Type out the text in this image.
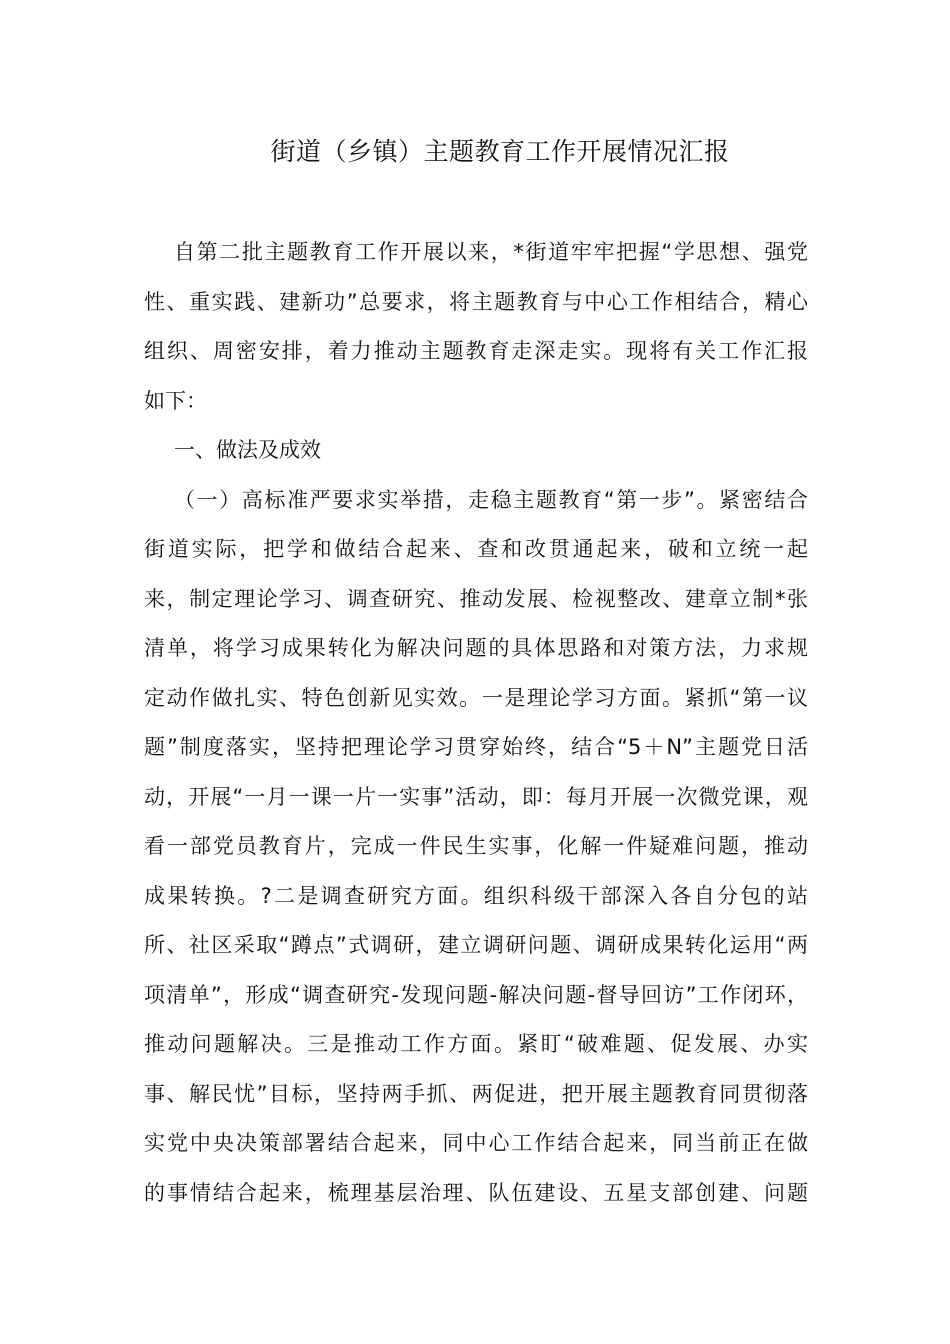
街道（乡镇）主题教育工作开展情况汇报
自第二批主题教育工作开展以来，*街道牢牢把握“学思想、强党
性、重实践、建新功”总要求，将主题教育与中心工作相结合，精心
组织、周密安排，着力推动主题教育走深走实。现将有关工作汇报
如下：
一、做法及成效
（一）高标准严要求实举措，走稳主题教育“第一步”。紧密结合
街道实际，把学和做结合起来、查和改贯通起来，破和立统一起
来，制定理论学习、调查研究、推动发展、检视整改、建章立制*张
清单，将学习成果转化为解决问题的具体思路和对策方法，力求规
定动作做扎实、特色创新见实效。一是理论学习方面。紧抓“第一议
题”制度落实，坚持把理论学习贯穿始终，结合“5＋N”主题党日活
动，开展“一月一课一片一实事”活动，即：每月开展一次微党课，观
看一部党员教育片，完成一件民生实事，化解一件疑难问题，推动
成果转换。?二是调查研究方面。组织科级干部深入各自分包的站
所、社区采取“蹲点”式调研，建立调研问题、调研成果转化运用“两
项清单”，形成“调查研究-发现问题-解决问题-督导回访”工作闭环，
推动问题解决。三是推动工作方面。紧盯“破难题、促发展、办实
事、解民忧”目标，坚持两手抓、两促进，把开展主题教育同贯彻落
实党中央决策部署结合起来，同中心工作结合起来，同当前正在做
的事情结合起来，梳理基层治理、队伍建设、五星支部创建、问题
